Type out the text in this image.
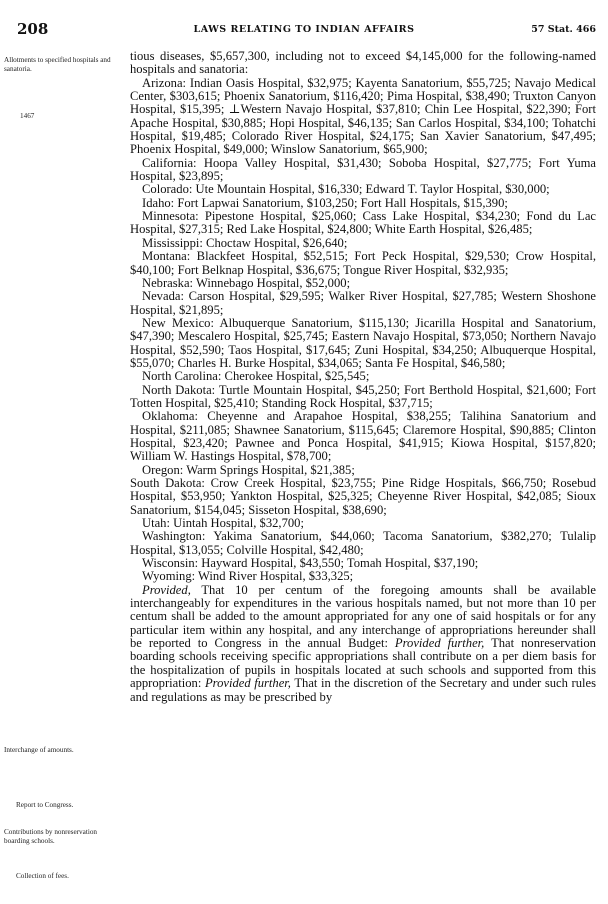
208	LAWS RELATING TO INDIAN AFFAIRS	57 Stat. 466
Allotments to specified hospitals and sanatoria.
1467
Interchange of amounts.
Report to Congress.
Contributions by nonreservation boarding schools.
Collection of fees.

tious diseases, $5,657,300, including not to exceed $4,145,000 for the following-named hospitals and sanatoria:

Arizona: Indian Oasis Hospital, $32,975; Kayenta Sanatorium, $55,725; Navajo Medical Center, $303,615; Phoenix Sanatorium, $116,420; Pima Hospital, $38,490; Truxton Canyon Hospital, $15,395; ⊥Western Navajo Hospital, $37,810; Chin Lee Hospital, $22,390; Fort Apache Hospital, $30,885; Hopi Hospital, $46,135; San Carlos Hospital, $34,100; Tohatchi Hospital, $19,485; Colorado River Hospital, $24,175; San Xavier Sanatorium, $47,495; Phoenix Hospital, $49,000; Winslow Sanatorium, $65,900;

California: Hoopa Valley Hospital, $31,430; Soboba Hospital, $27,775; Fort Yuma Hospital, $23,895;

Colorado: Ute Mountain Hospital, $16,330; Edward T. Taylor Hospital, $30,000;

Idaho: Fort Lapwai Sanatorium, $103,250; Fort Hall Hospitals, $15,390;

Minnesota: Pipestone Hospital, $25,060; Cass Lake Hospital, $34,230; Fond du Lac Hospital, $27,315; Red Lake Hospital, $24,800; White Earth Hospital, $26,485;

Mississippi: Choctaw Hospital, $26,640;

Montana: Blackfeet Hospital, $52,515; Fort Peck Hospital, $29,530; Crow Hospital, $40,100; Fort Belknap Hospital, $36,675; Tongue River Hospital, $32,935;

Nebraska: Winnebago Hospital, $52,000;

Nevada: Carson Hospital, $29,595; Walker River Hospital, $27,785; Western Shoshone Hospital, $21,895;

New Mexico: Albuquerque Sanatorium, $115,130; Jicarilla Hospital and Sanatorium, $47,390; Mescalero Hospital, $25,745; Eastern Navajo Hospital, $73,050; Northern Navajo Hospital, $52,590; Taos Hospital, $17,645; Zuni Hospital, $34,250; Albuquerque Hospital, $55,070; Charles H. Burke Hospital, $34,065; Santa Fe Hospital, $46,580;

North Carolina: Cherokee Hospital, $25,545;

North Dakota: Turtle Mountain Hospital, $45,250; Fort Berthold Hospital, $21,600; Fort Totten Hospital, $25,410; Standing Rock Hospital, $37,715;

Oklahoma: Cheyenne and Arapahoe Hospital, $38,255; Talihina Sanatorium and Hospital, $211,085; Shawnee Sanatorium, $115,645; Claremore Hospital, $90,885; Clinton Hospital, $23,420; Pawnee and Ponca Hospital, $41,915; Kiowa Hospital, $157,820; William W. Hastings Hospital, $78,700;

Oregon: Warm Springs Hospital, $21,385;

South Dakota: Crow Creek Hospital, $23,755; Pine Ridge Hospitals, $66,750; Rosebud Hospital, $53,950; Yankton Hospital, $25,325; Cheyenne River Hospital, $42,085; Sioux Sanatorium, $154,045; Sisseton Hospital, $38,690;

Utah: Uintah Hospital, $32,700;

Washington: Yakima Sanatorium, $44,060; Tacoma Sanatorium, $382,270; Tulalip Hospital, $13,055; Colville Hospital, $42,480;

Wisconsin: Hayward Hospital, $43,550; Tomah Hospital, $37,190;

Wyoming: Wind River Hospital, $33,325;

Provided, That 10 per centum of the foregoing amounts shall be available interchangeably for expenditures in the various hospitals named, but not more than 10 per centum shall be added to the amount appropriated for any one of said hospitals or for any particular item within any hospital, and any interchange of appropriations hereunder shall be reported to Congress in the annual Budget: Provided further, That nonreservation boarding schools receiving specific appropriations shall contribute on a per diem basis for the hospitalization of pupils in hospitals located at such schools and supported from this appropriation: Provided further, That in the discretion of the Secretary and under such rules and regulations as may be prescribed by
